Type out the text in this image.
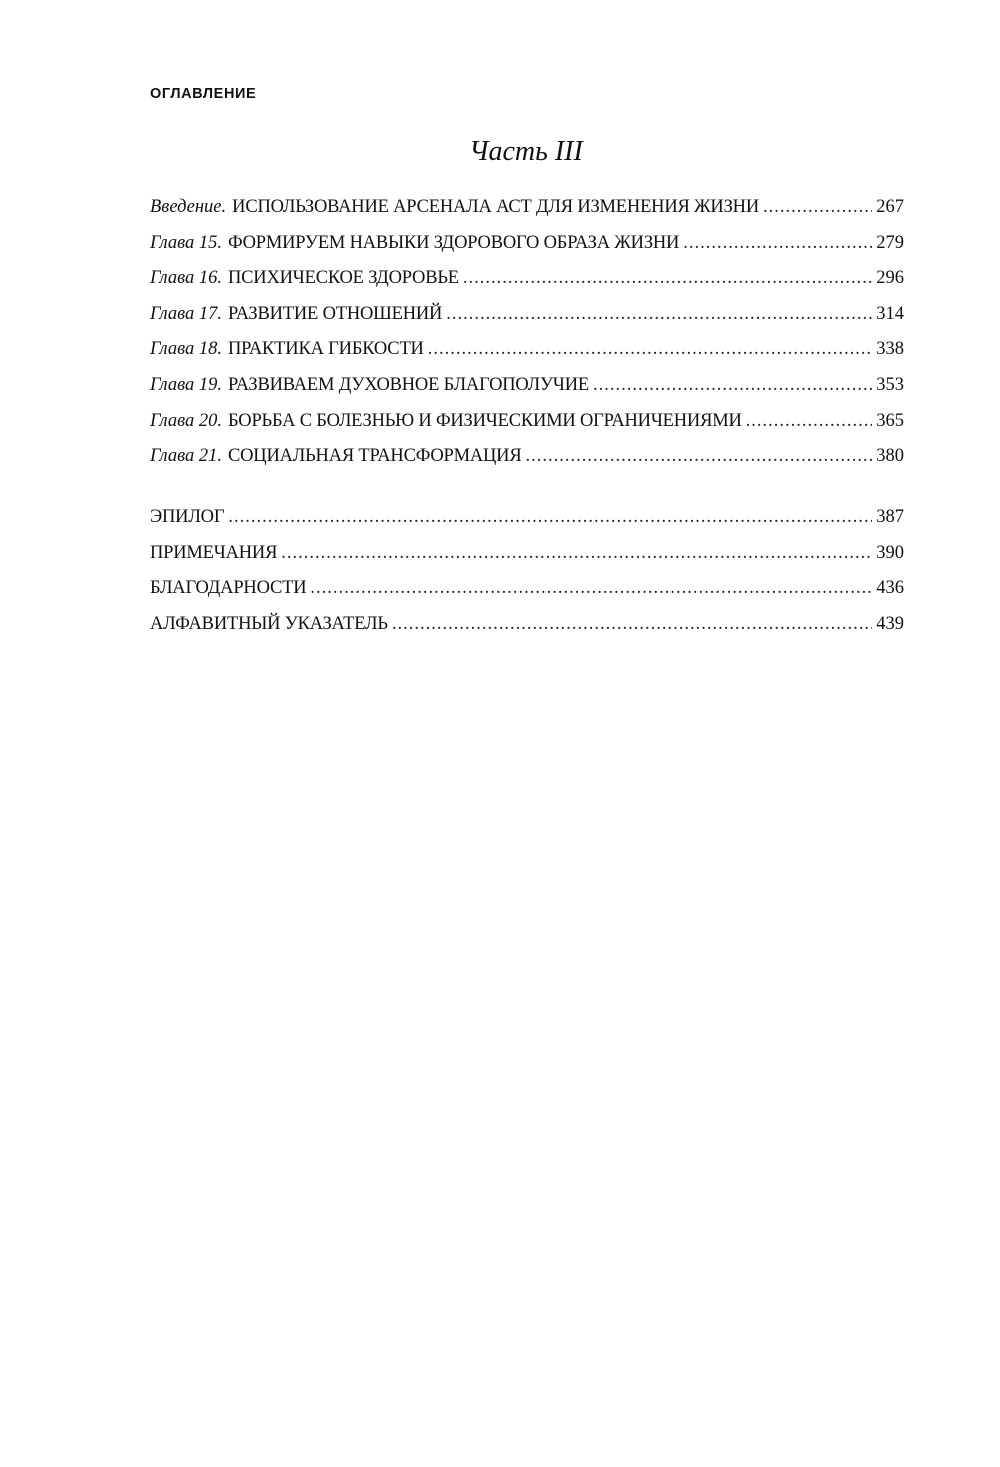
ОГЛАВЛЕНИЕ
Часть III
Введение. ИСПОЛЬЗОВАНИЕ АРСЕНАЛА АСТ ДЛЯ ИЗМЕНЕНИЯ ЖИЗНИ .....	267
Глава 15. ФОРМИРУЕМ НАВЫКИ ЗДОРОВОГО ОБРАЗА ЖИЗНИ .....	279
Глава 16. ПСИХИЧЕСКОЕ ЗДОРОВЬЕ .....	296
Глава 17. РАЗВИТИЕ ОТНОШЕНИЙ .....	314
Глава 18. ПРАКТИКА ГИБКОСТИ .....	338
Глава 19. РАЗВИВАЕМ ДУХОВНОЕ БЛАГОПОЛУЧИЕ .....	353
Глава 20. БОРЬБА С БОЛЕЗНЬЮ И ФИЗИЧЕСКИМИ ОГРАНИЧЕНИЯМИ .....	365
Глава 21. СОЦИАЛЬНАЯ ТРАНСФОРМАЦИЯ .....	380
ЭПИЛОГ .....	387
ПРИМЕЧАНИЯ .....	390
БЛАГОДАРНОСТИ .....	436
АЛФАВИТНЫЙ УКАЗАТЕЛЬ .....	439
